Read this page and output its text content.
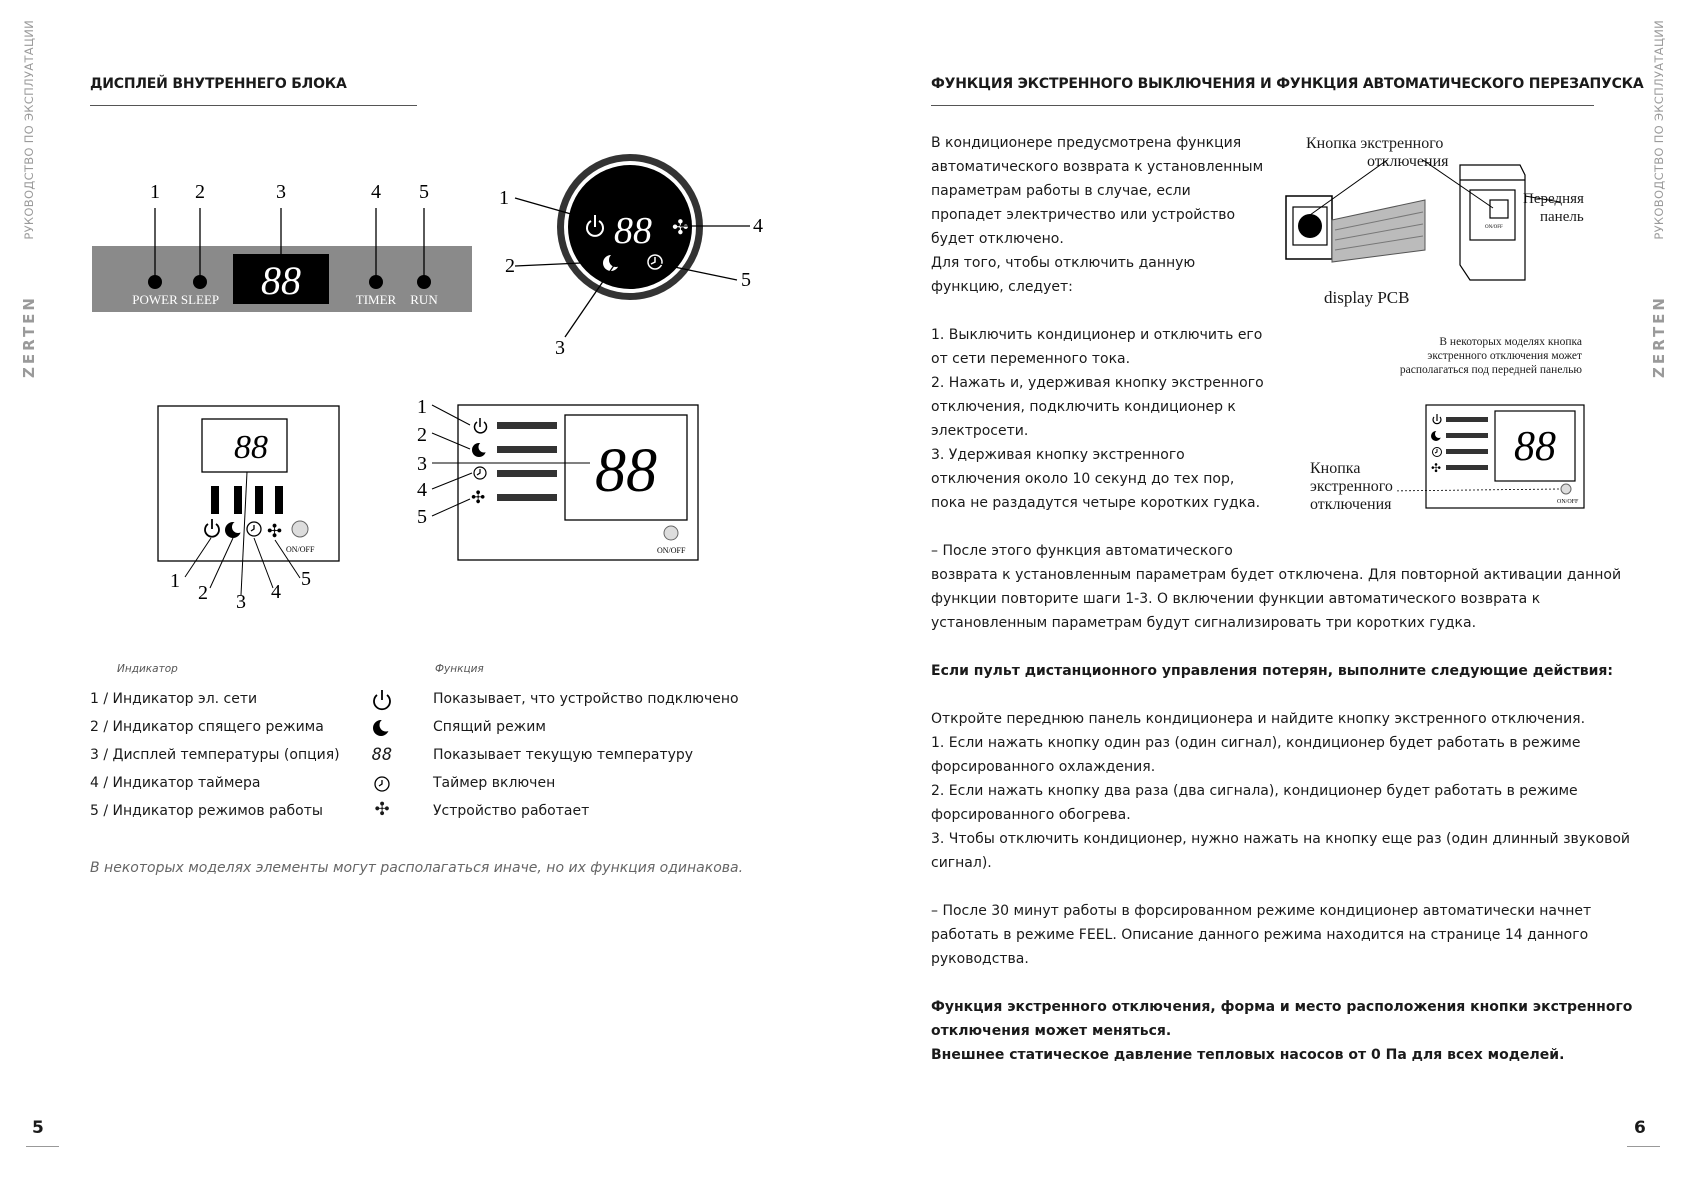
РУКОВОДСТВО ПО ЭКСПЛУАТАЦИИ
ZERTEN
РУКОВОДСТВО ПО ЭКСПЛУАТАЦИИ
ZERTEN
ДИСПЛЕЙ ВНУТРЕННЕГО БЛОКА
88
1 2	3	4 5
POWER SLEEP	TIMER RUN
88 ✣
1
2
3
4
5
88
✣
ON/OFF
1
2 3 4
5
88
✣
ON/OFF
1
2
3
4
5
Индикатор	Функция
1 / Индикатор эл. сети	Показывает, что устройство подключено
2 / Индикатор спящего режима	Спящий режим
3 / Дисплей температуры (опция) 88	Показывает текущую температуру
4 / Индикатор таймера	Таймер включен
5 / Индикатор режимов работы	✣	Устройство работает
В некоторых моделях элементы могут располагаться иначе, но их функция одинакова.
5
ФУНКЦИЯ ЭКСТРЕННОГО ВЫКЛЮЧЕНИЯ И ФУНКЦИЯ АВТОМАТИЧЕСКОГО ПЕРЕЗАПУСКА
В кондиционере предусмотрена функция
автоматического возврата к установленным
параметрам работы в случае, если
пропадет электричество или устройство
будет отключено.
Для того, чтобы отключить данную
функцию, следует:
1. Выключить кондиционер и отключить его
от сети переменного тока.
2. Нажать и, удерживая кнопку экстренного
отключения, подключить кондиционер к
электросети.
3. Удерживая кнопку экстренного
отключения около 10 секунд до тех пор,
пока не раздадутся четыре коротких гудка.
– После этого функция автоматического
возврата к установленным параметрам будет отключена. Для повторной активации данной
функции повторите шаги 1-3. О включении функции автоматического возврата к
установленным параметрам будут сигнализировать три коротких гудка.
Если пульт дистанционного управления потерян, выполните следующие действия:
Откройте переднюю панель кондиционера и найдите кнопку экстренного отключения.
1. Если нажать кнопку один раз (один сигнал), кондиционер будет работать в режиме
форсированного охлаждения.
2. Если нажать кнопку два раза (два сигнала), кондиционер будет работать в режиме
форсированного обогрева.
3. Чтобы отключить кондиционер, нужно нажать на кнопку еще раз (один длинный звуковой
сигнал).
– После 30 минут работы в форсированном режиме кондиционер автоматически начнет
работать в режиме FEEL. Описание данного режима находится на странице 14 данного
руководства.
Функция экстренного отключения, форма и место расположения кнопки экстренного
отключения может меняться.
Внешнее статическое давление тепловых насосов от 0 Па для всех моделей.
Кнопка экстренного
отключения
Передняя
панель
display PCB
ON/OFF
В некоторых моделях кнопка
экстренного отключения может
располагаться под передней панелью
Кнопка
экстренного
отключения
88
✣
ON/OFF
6
